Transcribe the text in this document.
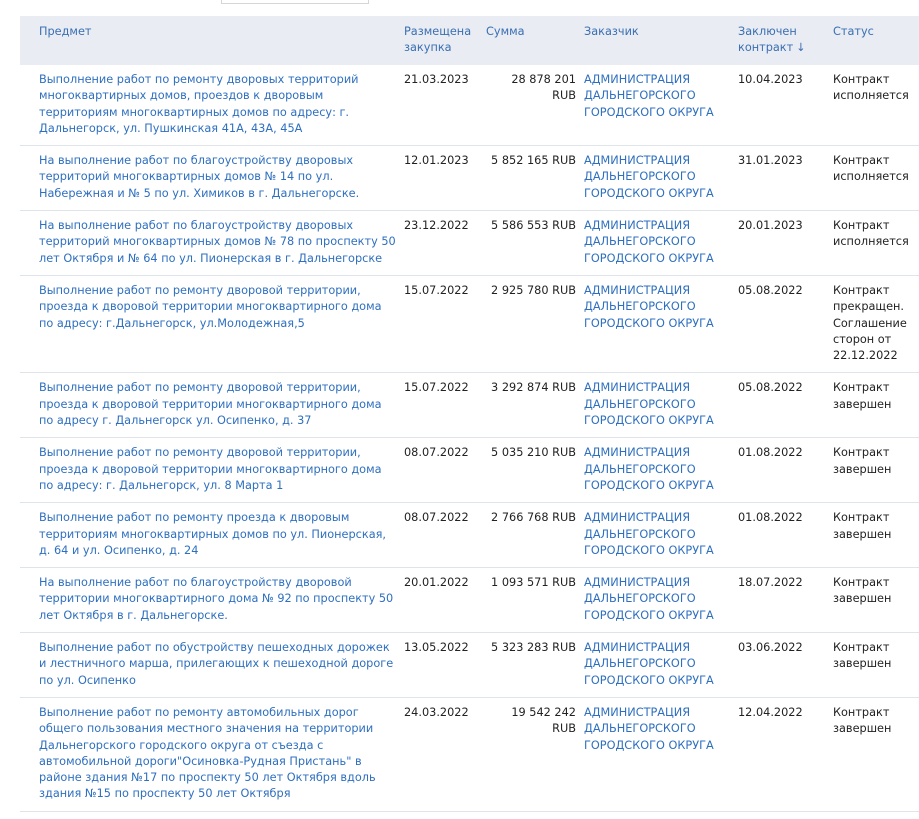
Предмет	Размещена закупка	Сумма	Заказчик	Заключен контракт ↓	Статус
Выполнение работ по ремонту дворовых территорий многоквартирных домов, проездов к дворовым территориям многоквартирных домов по адресу: г. Дальнегорск, ул. Пушкинская 41А, 43А, 45А	21.03.2023	28 878 201 RUB	АДМИНИСТРАЦИЯ ДАЛЬНЕГОРСКОГО ГОРОДСКОГО ОКРУГА	10.04.2023	Контракт исполняется
На выполнение работ по благоустройству дворовых территорий многоквартирных домов № 14 по ул. Набережная и № 5 по ул. Химиков в г. Дальнегорске.	12.01.2023	5 852 165 RUB	АДМИНИСТРАЦИЯ ДАЛЬНЕГОРСКОГО ГОРОДСКОГО ОКРУГА	31.01.2023	Контракт исполняется
На выполнение работ по благоустройству дворовых территорий многоквартирных домов № 78 по проспекту 50 лет Октября и № 64 по ул. Пионерская в г. Дальнегорске	23.12.2022	5 586 553 RUB	АДМИНИСТРАЦИЯ ДАЛЬНЕГОРСКОГО ГОРОДСКОГО ОКРУГА	20.01.2023	Контракт исполняется
Выполнение работ по ремонту дворовой территории, проезда к дворовой территории многоквартирного дома по адресу: г.Дальнегорск, ул.Молодежная,5	15.07.2022	2 925 780 RUB	АДМИНИСТРАЦИЯ ДАЛЬНЕГОРСКОГО ГОРОДСКОГО ОКРУГА	05.08.2022	Контракт прекращен. Соглашение сторон от 22.12.2022
Выполнение работ по ремонту дворовой территории, проезда к дворовой территории многоквартирного дома по адресу г. Дальнегорск ул. Осипенко, д. 37	15.07.2022	3 292 874 RUB	АДМИНИСТРАЦИЯ ДАЛЬНЕГОРСКОГО ГОРОДСКОГО ОКРУГА	05.08.2022	Контракт завершен
Выполнение работ по ремонту дворовой территории, проезда к дворовой территории многоквартирного дома по адресу: г. Дальнегорск, ул. 8 Марта 1	08.07.2022	5 035 210 RUB	АДМИНИСТРАЦИЯ ДАЛЬНЕГОРСКОГО ГОРОДСКОГО ОКРУГА	01.08.2022	Контракт завершен
Выполнение работ по ремонту проезда к дворовым территориям многоквартирных домов по ул. Пионерская, д. 64 и ул. Осипенко, д. 24	08.07.2022	2 766 768 RUB	АДМИНИСТРАЦИЯ ДАЛЬНЕГОРСКОГО ГОРОДСКОГО ОКРУГА	01.08.2022	Контракт завершен
На выполнение работ по благоустройству дворовой территории многоквартирного дома № 92 по проспекту 50 лет Октября в г. Дальнегорске.	20.01.2022	1 093 571 RUB	АДМИНИСТРАЦИЯ ДАЛЬНЕГОРСКОГО ГОРОДСКОГО ОКРУГА	18.07.2022	Контракт завершен
Выполнение работ по обустройству пешеходных дорожек и лестничного марша, прилегающих к пешеходной дороге по ул. Осипенко	13.05.2022	5 323 283 RUB	АДМИНИСТРАЦИЯ ДАЛЬНЕГОРСКОГО ГОРОДСКОГО ОКРУГА	03.06.2022	Контракт завершен
Выполнение работ по ремонту автомобильных дорог общего пользования местного значения на территории Дальнегорского городского округа от съезда с автомобильной дороги"Осиновка-Рудная Пристань" в районе здания №17 по проспекту 50 лет Октября вдоль здания №15 по проспекту 50 лет Октября	24.03.2022	19 542 242 RUB	АДМИНИСТРАЦИЯ ДАЛЬНЕГОРСКОГО ГОРОДСКОГО ОКРУГА	12.04.2022	Контракт завершен
